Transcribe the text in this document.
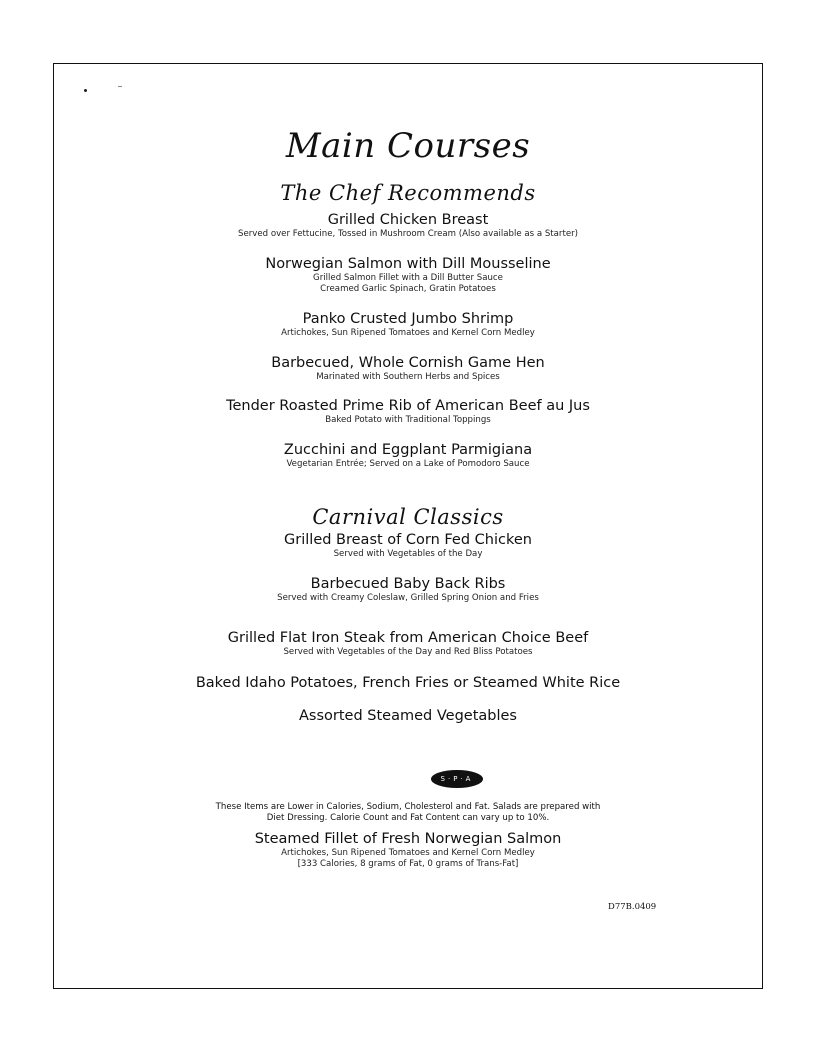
Main Courses
The Chef Recommends
Grilled Chicken Breast
Served over Fettucine, Tossed in Mushroom Cream (Also available as a Starter)
Norwegian Salmon with Dill Mousseline
Grilled Salmon Fillet with a Dill Butter Sauce
Creamed Garlic Spinach, Gratin Potatoes
Panko Crusted Jumbo Shrimp
Artichokes, Sun Ripened Tomatoes and Kernel Corn Medley
Barbecued, Whole Cornish Game Hen
Marinated with Southern Herbs and Spices
Tender Roasted Prime Rib of American Beef au Jus
Baked Potato with Traditional Toppings
Zucchini and Eggplant Parmigiana
Vegetarian Entrée; Served on a Lake of Pomodoro Sauce
Carnival Classics
Grilled Breast of Corn Fed Chicken
Served with Vegetables of the Day
Barbecued Baby Back Ribs
Served with Creamy Coleslaw, Grilled Spring Onion and Fries
Grilled Flat Iron Steak from American Choice Beef
Served with Vegetables of the Day and Red Bliss Potatoes
Baked Idaho Potatoes, French Fries or Steamed White Rice
Assorted Steamed Vegetables
S·P·A
These Items are Lower in Calories, Sodium, Cholesterol and Fat. Salads are prepared with
Diet Dressing. Calorie Count and Fat Content can vary up to 10%.
Steamed Fillet of Fresh Norwegian Salmon
Artichokes, Sun Ripened Tomatoes and Kernel Corn Medley
[333 Calories, 8 grams of Fat, 0 grams of Trans-Fat]
D77B.0409
